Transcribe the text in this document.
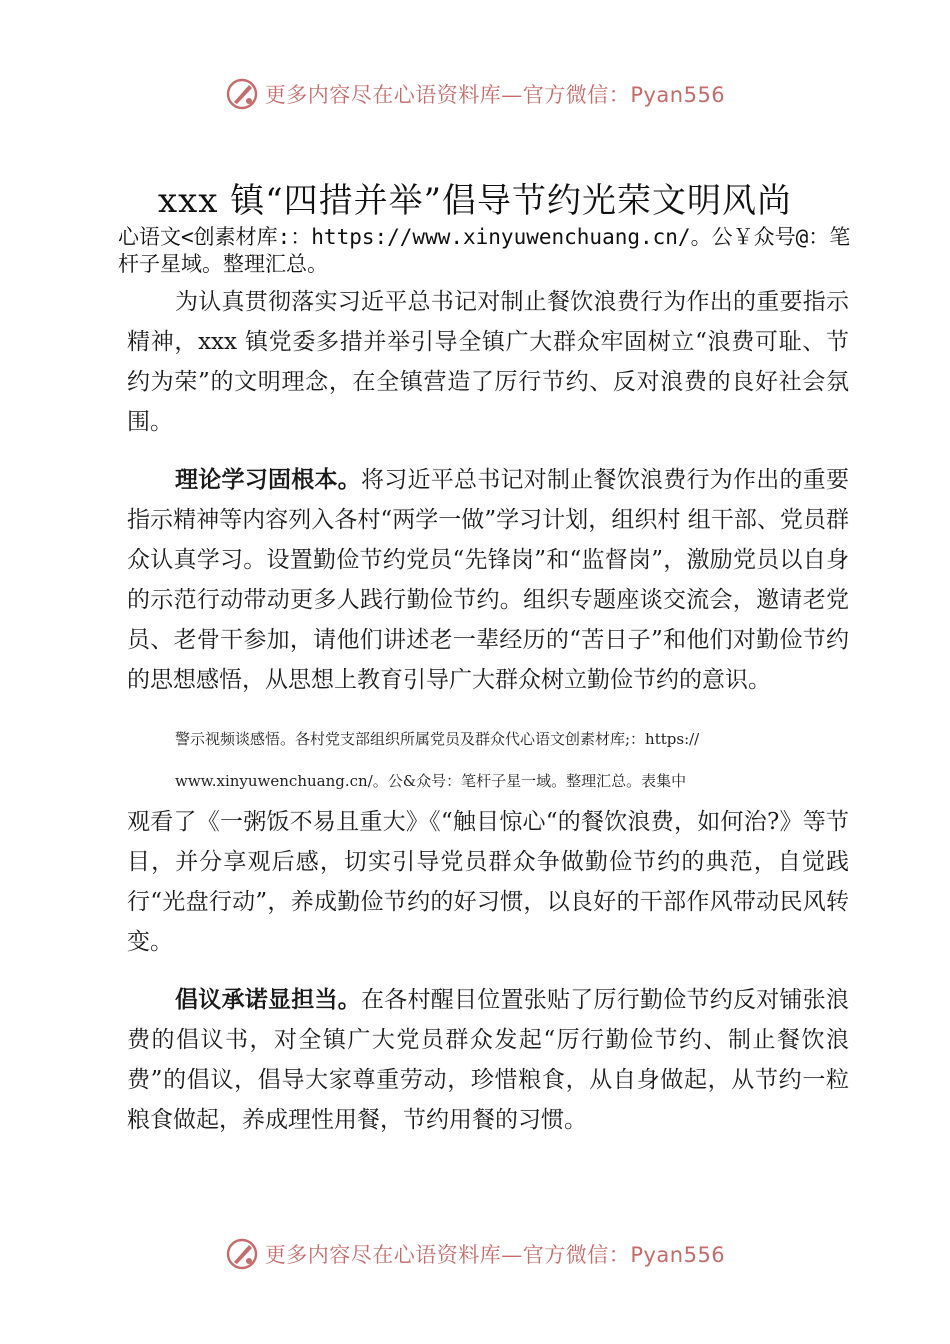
更多内容尽在心语资料库—官方微信：Pyan556
xxx 镇“四措并举”倡导节约光荣文明风尚
心语文<创素材库:：https://www.xinyuwenchuang.cn/。公￥众号@：笔杆子星域。整理汇总。

为认真贯彻落实习近平总书记对制止餐饮浪费行为作出的重要指示精神，xxx 镇党委多措并举引导全镇广大群众牢固树立“浪费可耻、节约为荣”的文明理念，在全镇营造了厉行节约、反对浪费的良好社会氛围。

理论学习固根本。将习近平总书记对制止餐饮浪费行为作出的重要指示精神等内容列入各村“两学一做”学习计划，组织村 组干部、党员群众认真学习。设置勤俭节约党员“先锋岗”和“监督岗”，激励党员以自身的示范行动带动更多人践行勤俭节约。组织专题座谈交流会，邀请老党员、老骨干参加，请他们讲述老一辈经历的“苦日子”和他们对勤俭节约的思想感悟，从思想上教育引导广大群众树立勤俭节约的意识。

警示视频谈感悟。各村党支部组织所属党员及群众代心语文创素材库;：https://
www.xinyuwenchuang.cn/。公&众号：笔杆子星一域。整理汇总。表集中

观看了《一粥饭不易且重大》《“触目惊心“的餐饮浪费，如何治?》等节目，并分享观后感，切实引导党员群众争做勤俭节约的典范，自觉践行“光盘行动”，养成勤俭节约的好习惯，以良好的干部作风带动民风转变。

倡议承诺显担当。在各村醒目位置张贴了厉行勤俭节约反对铺张浪费的倡议书，对全镇广大党员群众发起“厉行勤俭节约、制止餐饮浪费”的倡议，倡导大家尊重劳动，珍惜粮食，从自身做起，从节约一粒粮食做起，养成理性用餐，节约用餐的习惯。

更多内容尽在心语资料库—官方微信：Pyan556
